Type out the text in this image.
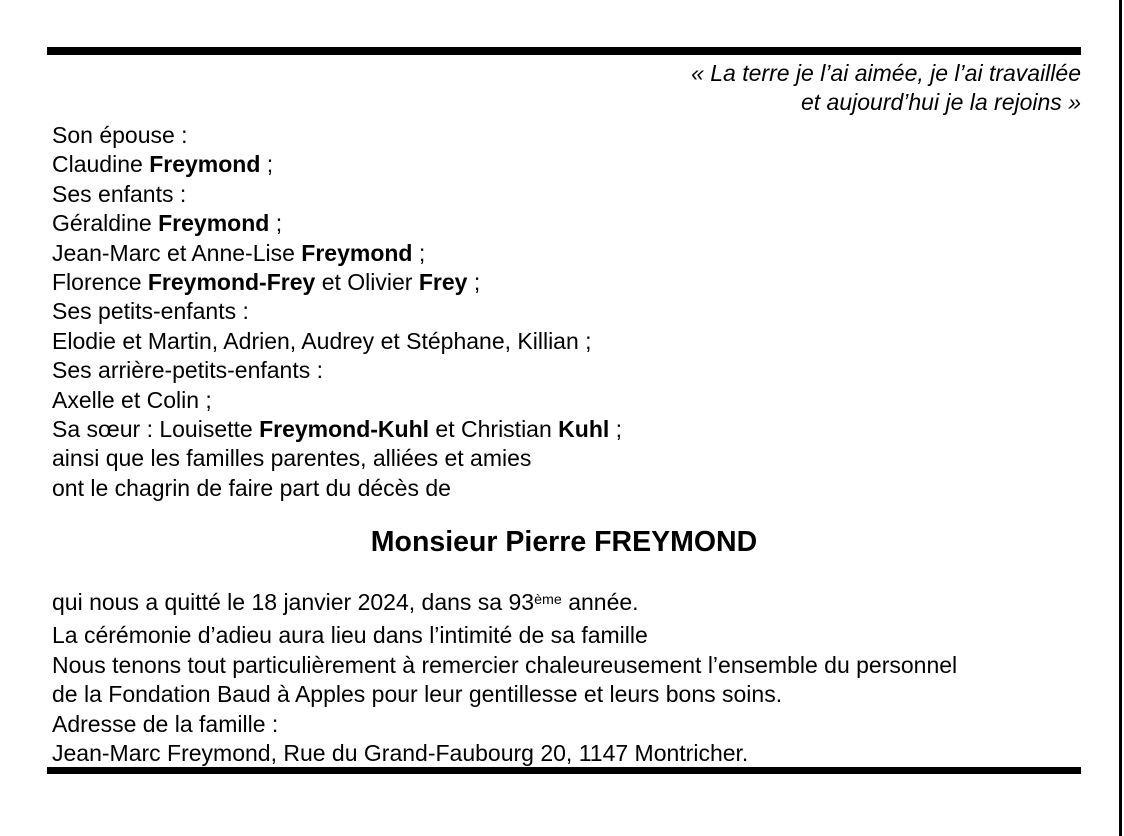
« La terre je l’ai aimée, je l’ai travaillée
et aujourd’hui je la rejoins »
Son épouse :
Claudine Freymond ;
Ses enfants :
Géraldine Freymond ;
Jean-Marc et Anne-Lise Freymond ;
Florence Freymond-Frey et Olivier Frey ;
Ses petits-enfants :
Elodie et Martin, Adrien, Audrey et Stéphane, Killian ;
Ses arrière-petits-enfants :
Axelle et Colin ;
Sa sœur : Louisette Freymond-Kuhl et Christian Kuhl ;
ainsi que les familles parentes, alliées et amies
ont le chagrin de faire part du décès de
Monsieur Pierre FREYMOND
qui nous a quitté le 18 janvier 2024, dans sa 93ème année.
La cérémonie d’adieu aura lieu dans l’intimité de sa famille
Nous tenons tout particulièrement à remercier chaleureusement l’ensemble du personnel
de la Fondation Baud à Apples pour leur gentillesse et leurs bons soins.
Adresse de la famille :
Jean-Marc Freymond, Rue du Grand-Faubourg 20, 1147 Montricher.
